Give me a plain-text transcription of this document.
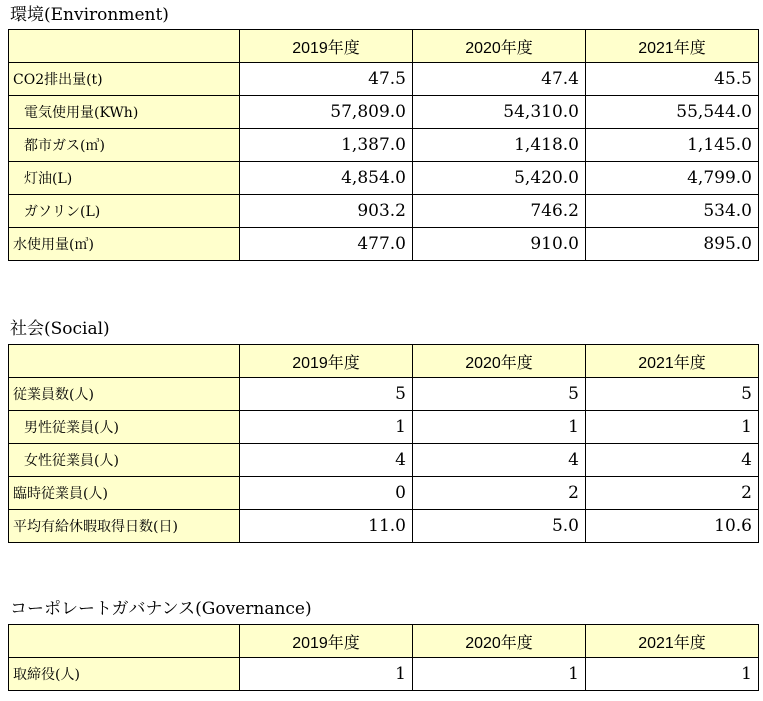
環境(Environment)
	2019年度	2020年度	2021年度
CO2排出量(t)	47.5	47.4	45.5
電気使用量(KWh)	57,809.0	54,310.0	55,544.0
都市ガス(㎥)	1,387.0	1,418.0	1,145.0
灯油(L)	4,854.0	5,420.0	4,799.0
ガソリン(L)	903.2	746.2	534.0
水使用量(㎥)	477.0	910.0	895.0
社会(Social)
	2019年度	2020年度	2021年度
従業員数(人)	5	5	5
男性従業員(人)	1	1	1
女性従業員(人)	4	4	4
臨時従業員(人)	0	2	2
平均有給休暇取得日数(日)	11.0	5.0	10.6
コーポレートガバナンス(Governance)
	2019年度	2020年度	2021年度
取締役(人)	1	1	1
